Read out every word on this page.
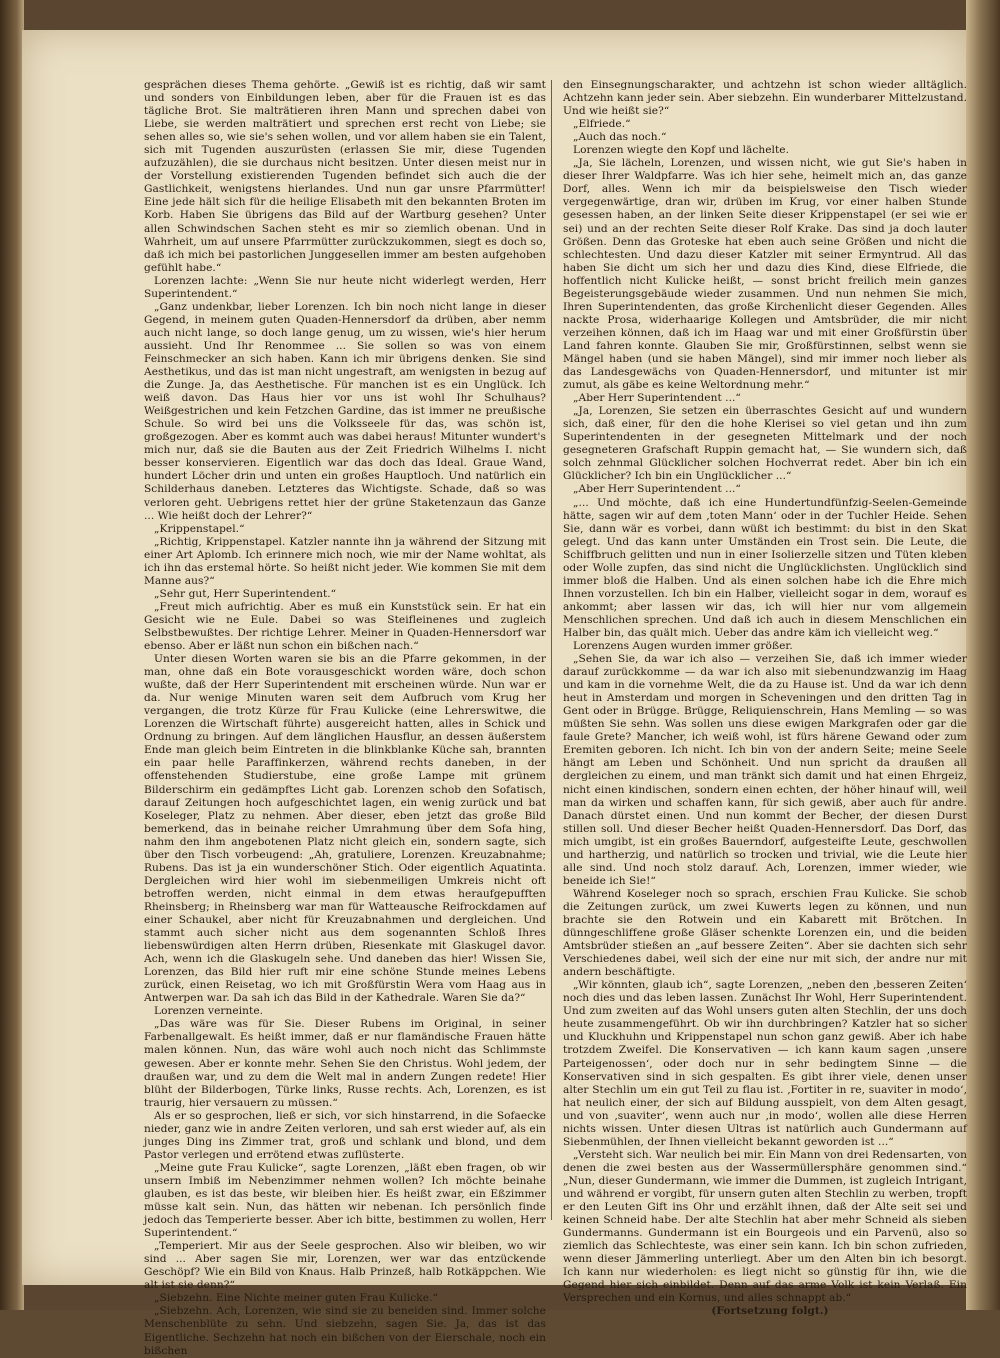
gesprächen dieses Thema gehörte. „Gewiß ist es richtig, daß wir samt und sonders von Einbildungen leben, aber für die Frauen ist es das tägliche Brot. Sie malträtieren ihren Mann und sprechen dabei von Liebe, sie werden malträtiert und sprechen erst recht von Liebe; sie sehen alles so, wie sie's sehen wollen, und vor allem haben sie ein Talent, sich mit Tugenden auszurüsten (erlassen Sie mir, diese Tugenden aufzuzählen), die sie durchaus nicht besitzen. Unter diesen meist nur in der Vorstellung existierenden Tugenden befindet sich auch die der Gastlichkeit, wenigstens hierlandes. Und nun gar unsre Pfarrmütter! Eine jede hält sich für die heilige Elisabeth mit den bekannten Broten im Korb. Haben Sie übrigens das Bild auf der Wartburg gesehen? Unter allen Schwindschen Sachen steht es mir so ziemlich obenan. Und in Wahrheit, um auf unsere Pfarrmütter zurückzukommen, siegt es doch so, daß ich mich bei pastorlichen Junggesellen immer am besten aufgehoben gefühlt habe.“

Lorenzen lachte: „Wenn Sie nur heute nicht widerlegt werden, Herr Superintendent.“

„Ganz undenkbar, lieber Lorenzen. Ich bin noch nicht lange in dieser Gegend, in meinem guten Quaden-Hennersdorf da drüben, aber nemm auch nicht lange, so doch lange genug, um zu wissen, wie's hier herum aussieht. Und Ihr Renommee ... Sie sollen so was von einem Feinschmecker an sich haben. Kann ich mir übrigens denken. Sie sind Aesthetikus, und das ist man nicht ungestraft, am wenigsten in bezug auf die Zunge. Ja, das Aesthetische. Für manchen ist es ein Unglück. Ich weiß davon. Das Haus hier vor uns ist wohl Ihr Schulhaus? Weißgestrichen und kein Fetzchen Gardine, das ist immer ne preußische Schule. So wird bei uns die Volksseele für das, was schön ist, großgezogen. Aber es kommt auch was dabei heraus! Mitunter wundert's mich nur, daß sie die Bauten aus der Zeit Friedrich Wilhelms I. nicht besser konservieren. Eigentlich war das doch das Ideal. Graue Wand, hundert Löcher drin und unten ein großes Hauptloch. Und natürlich ein Schilderhaus daneben. Letzteres das Wichtigste. Schade, daß so was verloren geht. Uebrigens rettet hier der grüne Staketenzaun das Ganze ... Wie heißt doch der Lehrer?“

„Krippenstapel.“

„Richtig, Krippenstapel. Katzler nannte ihn ja während der Sitzung mit einer Art Aplomb. Ich erinnere mich noch, wie mir der Name wohltat, als ich ihn das erstemal hörte. So heißt nicht jeder. Wie kommen Sie mit dem Manne aus?“

„Sehr gut, Herr Superintendent.“

„Freut mich aufrichtig. Aber es muß ein Kunststück sein. Er hat ein Gesicht wie ne Eule. Dabei so was Steifleinenes und zugleich Selbstbewußtes. Der richtige Lehrer. Meiner in Quaden-Hennersdorf war ebenso. Aber er läßt nun schon ein bißchen nach.“

Unter diesen Worten waren sie bis an die Pfarre gekommen, in der man, ohne daß ein Bote vorausgeschickt worden wäre, doch schon wußte, daß der Herr Superintendent mit erscheinen würde. Nun war er da. Nur wenige Minuten waren seit dem Aufbruch vom Krug her vergangen, die trotz Kürze für Frau Kulicke (eine Lehrerswitwe, die Lorenzen die Wirtschaft führte) ausgereicht hatten, alles in Schick und Ordnung zu bringen. Auf dem länglichen Hausflur, an dessen äußerstem Ende man gleich beim Eintreten in die blinkblanke Küche sah, brannten ein paar helle Paraffinkerzen, während rechts daneben, in der offenstehenden Studierstube, eine große Lampe mit grünem Bilderschirm ein gedämpftes Licht gab. Lorenzen schob den Sofatisch, darauf Zeitungen hoch aufgeschichtet lagen, ein wenig zurück und bat Koseleger, Platz zu nehmen. Aber dieser, eben jetzt das große Bild bemerkend, das in beinahe reicher Umrahmung über dem Sofa hing, nahm den ihm angebotenen Platz nicht gleich ein, sondern sagte, sich über den Tisch vorbeugend: „Ah, gratuliere, Lorenzen. Kreuzabnahme; Rubens. Das ist ja ein wunderschöner Stich. Oder eigentlich Aquatinta. Dergleichen wird hier wohl im siebenmeiligen Umkreis nicht oft betroffen werden, nicht einmal in dem etwas heraufgepufften Rheinsberg; in Rheinsberg war man für Watteausche Reifrockdamen auf einer Schaukel, aber nicht für Kreuzabnahmen und dergleichen. Und stammt auch sicher nicht aus dem sogenannten Schloß Ihres liebenswürdigen alten Herrn drüben, Riesenkate mit Glaskugel davor. Ach, wenn ich die Glaskugeln sehe. Und daneben das hier! Wissen Sie, Lorenzen, das Bild hier ruft mir eine schöne Stunde meines Lebens zurück, einen Reisetag, wo ich mit Großfürstin Wera vom Haag aus in Antwerpen war. Da sah ich das Bild in der Kathedrale. Waren Sie da?“

Lorenzen verneinte.

„Das wäre was für Sie. Dieser Rubens im Original, in seiner Farbenallgewalt. Es heißt immer, daß er nur flamändische Frauen hätte malen können. Nun, das wäre wohl auch noch nicht das Schlimmste gewesen. Aber er konnte mehr. Sehen Sie den Christus. Wohl jedem, der draußen war, und zu dem die Welt mal in andern Zungen redete! Hier blüht der Bilderbogen, Türke links, Russe rechts. Ach, Lorenzen, es ist traurig, hier versauern zu müssen.“

Als er so gesprochen, ließ er sich, vor sich hinstarrend, in die Sofaecke nieder, ganz wie in andre Zeiten verloren, und sah erst wieder auf, als ein junges Ding ins Zimmer trat, groß und schlank und blond, und dem Pastor verlegen und errötend etwas zuflüsterte.

„Meine gute Frau Kulicke“, sagte Lorenzen, „läßt eben fragen, ob wir unsern Imbiß im Nebenzimmer nehmen wollen? Ich möchte beinahe glauben, es ist das beste, wir bleiben hier. Es heißt zwar, ein Eßzimmer müsse kalt sein. Nun, das hätten wir nebenan. Ich persönlich finde jedoch das Temperierte besser. Aber ich bitte, bestimmen zu wollen, Herr Superintendent.“

„Temperiert. Mir aus der Seele gesprochen. Also wir bleiben, wo wir sind ... Aber sagen Sie mir, Lorenzen, wer war das entzückende Geschöpf? Wie ein Bild von Knaus. Halb Prinzeß, halb Rotkäppchen. Wie alt ist sie denn?“

„Siebzehn. Eine Nichte meiner guten Frau Kulicke.“

„Siebzehn. Ach, Lorenzen, wie sind sie zu beneiden sind. Immer solche Menschenblüte zu sehn. Und siebzehn, sagen Sie. Ja, das ist das Eigentliche. Sechzehn hat noch ein bißchen von der Eierschale, noch ein bißchen

den Einsegnungscharakter, und achtzehn ist schon wieder alltäglich. Achtzehn kann jeder sein. Aber siebzehn. Ein wunderbarer Mittelzustand. Und wie heißt sie?“

„Elfriede.“

„Auch das noch.“

Lorenzen wiegte den Kopf und lächelte.

„Ja, Sie lächeln, Lorenzen, und wissen nicht, wie gut Sie's haben in dieser Ihrer Waldpfarre. Was ich hier sehe, heimelt mich an, das ganze Dorf, alles. Wenn ich mir da beispielsweise den Tisch wieder vergegenwärtige, dran wir, drüben im Krug, vor einer halben Stunde gesessen haben, an der linken Seite dieser Krippenstapel (er sei wie er sei) und an der rechten Seite dieser Rolf Krake. Das sind ja doch lauter Größen. Denn das Groteske hat eben auch seine Größen und nicht die schlechtesten. Und dazu dieser Katzler mit seiner Ermyntrud. All das haben Sie dicht um sich her und dazu dies Kind, diese Elfriede, die hoffentlich nicht Kulicke heißt, — sonst bricht freilich mein ganzes Begeisterungsgebäude wieder zusammen. Und nun nehmen Sie mich, Ihren Superintendenten, das große Kirchenlicht dieser Gegenden. Alles nackte Prosa, widerhaarige Kollegen und Amtsbrüder, die mir nicht verzeihen können, daß ich im Haag war und mit einer Großfürstin über Land fahren konnte. Glauben Sie mir, Großfürstinnen, selbst wenn sie Mängel haben (und sie haben Mängel), sind mir immer noch lieber als das Landesgewächs von Quaden-Hennersdorf, und mitunter ist mir zumut, als gäbe es keine Weltordnung mehr.“

„Aber Herr Superintendent ...“

„Ja, Lorenzen, Sie setzen ein überraschtes Gesicht auf und wundern sich, daß einer, für den die hohe Klerisei so viel getan und ihn zum Superintendenten in der gesegneten Mittelmark und der noch gesegneteren Grafschaft Ruppin gemacht hat, — Sie wundern sich, daß solch zehnmal Glücklicher solchen Hochverrat redet. Aber bin ich ein Glücklicher? Ich bin ein Unglücklicher ...“

„Aber Herr Superintendent ...“

„... Und möchte, daß ich eine Hundertundfünfzig-Seelen-Gemeinde hätte, sagen wir auf dem ‚toten Mann‘ oder in der Tuchler Heide. Sehen Sie, dann wär es vorbei, dann wüßt ich bestimmt: du bist in den Skat gelegt. Und das kann unter Umständen ein Trost sein. Die Leute, die Schiffbruch gelitten und nun in einer Isolierzelle sitzen und Tüten kleben oder Wolle zupfen, das sind nicht die Unglücklichsten. Unglücklich sind immer bloß die Halben. Und als einen solchen habe ich die Ehre mich Ihnen vorzustellen. Ich bin ein Halber, vielleicht sogar in dem, worauf es ankommt; aber lassen wir das, ich will hier nur vom allgemein Menschlichen sprechen. Und daß ich auch in diesem Menschlichen ein Halber bin, das quält mich. Ueber das andre käm ich vielleicht weg.“

Lorenzens Augen wurden immer größer.

„Sehen Sie, da war ich also — verzeihen Sie, daß ich immer wieder darauf zurückkomme — da war ich also mit siebenundzwanzig im Haag und kam in die vornehme Welt, die da zu Hause ist. Und da war ich denn heut in Amsterdam und morgen in Scheveningen und den dritten Tag in Gent oder in Brügge. Brügge, Reliquienschrein, Hans Memling — so was müßten Sie sehn. Was sollen uns diese ewigen Markgrafen oder gar die faule Grete? Mancher, ich weiß wohl, ist fürs härene Gewand oder zum Eremiten geboren. Ich nicht. Ich bin von der andern Seite; meine Seele hängt am Leben und Schönheit. Und nun spricht da draußen all dergleichen zu einem, und man tränkt sich damit und hat einen Ehrgeiz, nicht einen kindischen, sondern einen echten, der höher hinauf will, weil man da wirken und schaffen kann, für sich gewiß, aber auch für andre. Danach dürstet einen. Und nun kommt der Becher, der diesen Durst stillen soll. Und dieser Becher heißt Quaden-Hennersdorf. Das Dorf, das mich umgibt, ist ein großes Bauerndorf, aufgesteifte Leute, geschwollen und hartherzig, und natürlich so trocken und trivial, wie die Leute hier alle sind. Und noch stolz darauf. Ach, Lorenzen, immer wieder, wie beneide ich Sie!“

Während Koseleger noch so sprach, erschien Frau Kulicke. Sie schob die Zeitungen zurück, um zwei Kuwerts legen zu können, und nun brachte sie den Rotwein und ein Kabarett mit Brötchen. In dünngeschliffene große Gläser schenkte Lorenzen ein, und die beiden Amtsbrüder stießen an „auf bessere Zeiten“. Aber sie dachten sich sehr Verschiedenes dabei, weil sich der eine nur mit sich, der andre nur mit andern beschäftigte.

„Wir könnten, glaub ich“, sagte Lorenzen, „neben den ‚besseren Zeiten‘ noch dies und das leben lassen. Zunächst Ihr Wohl, Herr Superintendent. Und zum zweiten auf das Wohl unsers guten alten Stechlin, der uns doch heute zusammengeführt. Ob wir ihn durchbringen? Katzler hat so sicher und Kluckhuhn und Krippenstapel nun schon ganz gewiß. Aber ich habe trotzdem Zweifel. Die Konservativen — ich kann kaum sagen ‚unsere Parteigenossen‘, oder doch nur in sehr bedingtem Sinne — die Konservativen sind in sich gespalten. Es gibt ihrer viele, denen unser alter Stechlin um ein gut Teil zu flau ist. ‚Fortiter in re, suaviter in modo‘, hat neulich einer, der sich auf Bildung ausspielt, von dem Alten gesagt, und von ‚suaviter‘, wenn auch nur ‚in modo‘, wollen alle diese Herren nichts wissen. Unter diesen Ultras ist natürlich auch Gundermann auf Siebenmühlen, der Ihnen vielleicht bekannt geworden ist ...“

„Versteht sich. War neulich bei mir. Ein Mann von drei Redensarten, von denen die zwei besten aus der Wassermüllersphäre genommen sind.“ „Nun, dieser Gundermann, wie immer die Dummen, ist zugleich Intrigant, und während er vorgibt, für unsern guten alten Stechlin zu werben, tropft er den Leuten Gift ins Ohr und erzählt ihnen, daß der Alte seit sei und keinen Schneid habe. Der alte Stechlin hat aber mehr Schneid als sieben Gundermanns. Gundermann ist ein Bourgeois und ein Parvenü, also so ziemlich das Schlechteste, was einer sein kann. Ich bin schon zufrieden, wenn dieser Jämmerling unterliegt. Aber um den Alten bin ich besorgt. Ich kann nur wiederholen: es liegt nicht so günstig für ihn, wie die Gegend hier sich einbildet. Denn auf das arme Volk ist kein Verlaß. Ein Versprechen und ein Kornus, und alles schnappt ab.“

(Fortsetzung folgt.)
